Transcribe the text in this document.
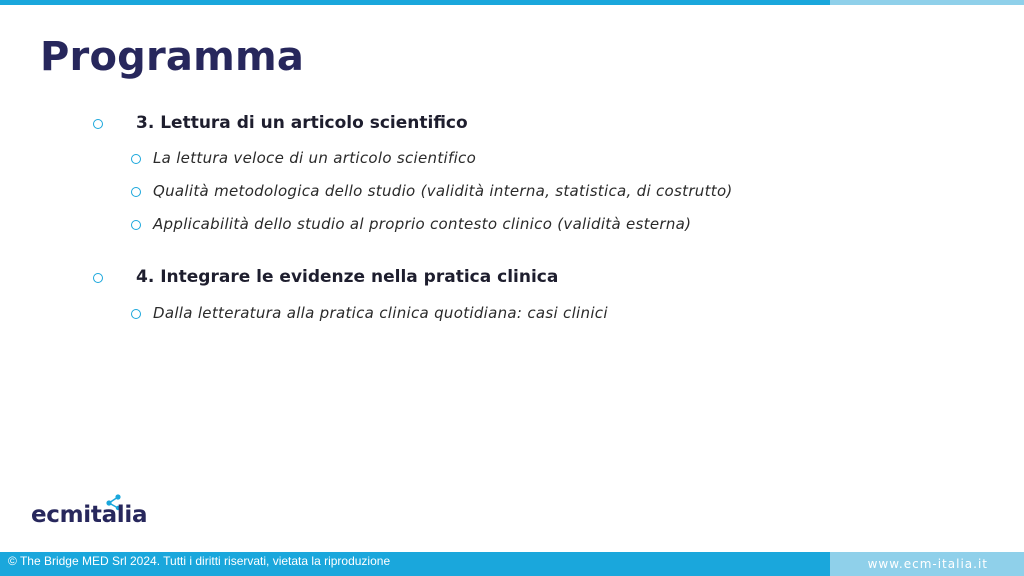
Programma
3. Lettura di un articolo scientifico
La lettura veloce di un articolo scientifico
Qualità metodologica dello studio (validità interna, statistica, di costrutto)
Applicabilità dello studio al proprio contesto clinico (validità esterna)
4. Integrare le evidenze nella pratica clinica
Dalla letteratura alla pratica clinica quotidiana: casi clinici
ecmitalia
© The Bridge MED Srl 2024. Tutti i diritti riservati, vietata la riproduzione	www.ecm-italia.it
